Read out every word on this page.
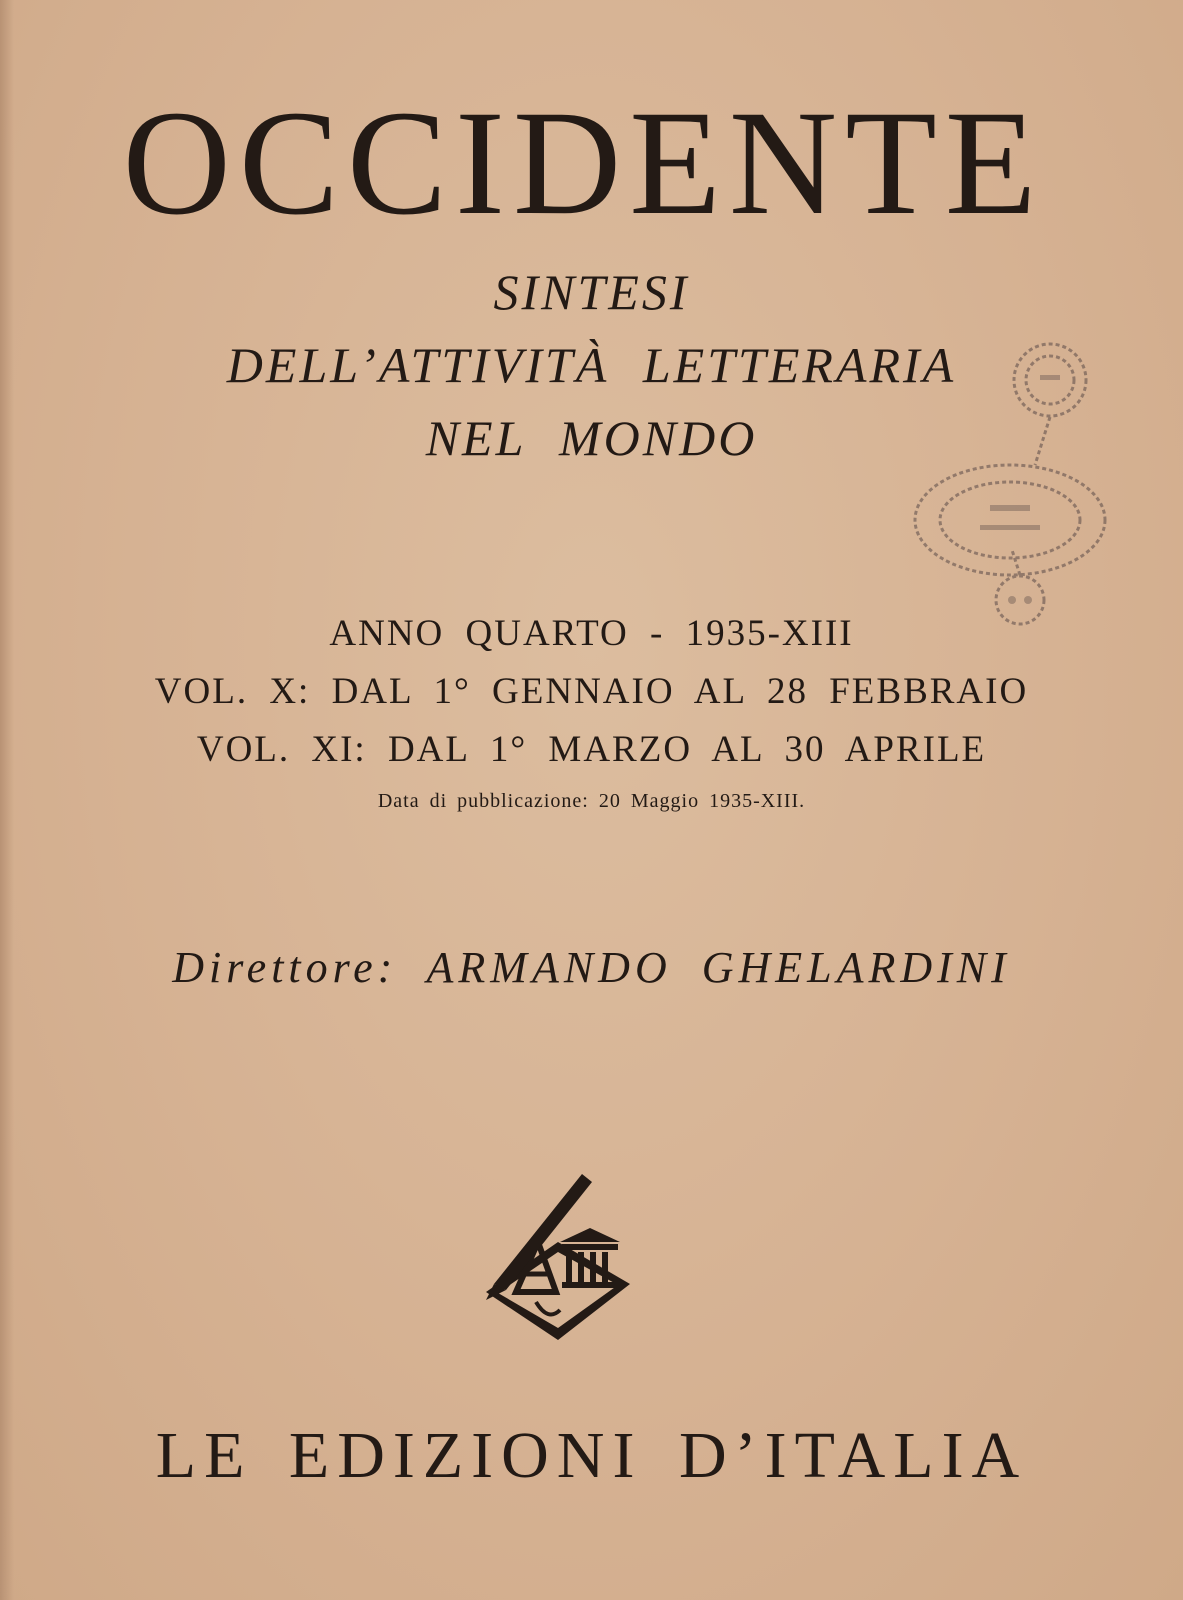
OCCIDENTE
SINTESI
DELL’ATTIVITÀ LETTERARIA
NEL MONDO
ANNO QUARTO - 1935-XIII
VOL. X: DAL 1° GENNAIO AL 28 FEBBRAIO
VOL. XI: DAL 1° MARZO AL 30 APRILE
Data di pubblicazione: 20 Maggio 1935-XIII.
Direttore: ARMANDO GHELARDINI
LE EDIZIONI D’ITALIA
